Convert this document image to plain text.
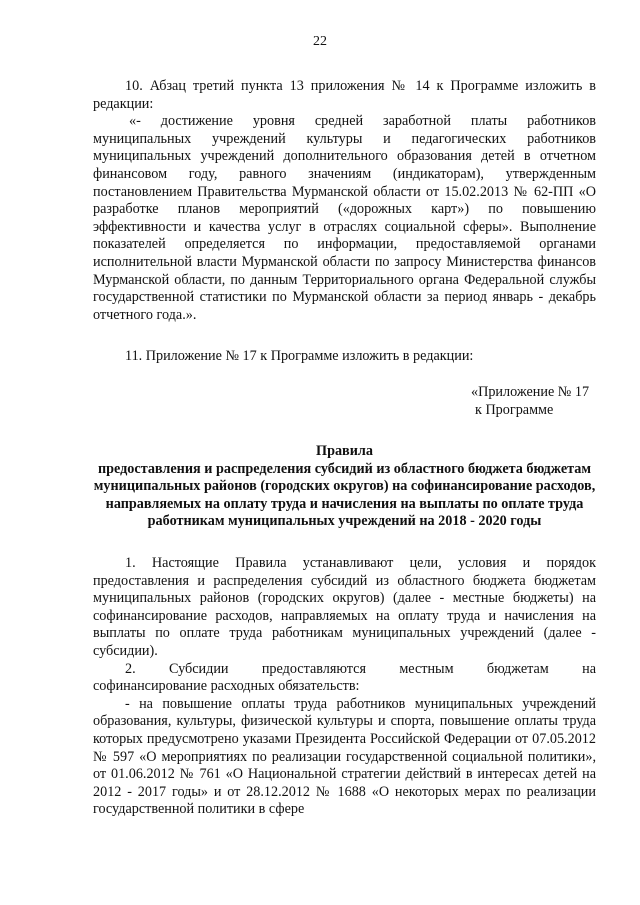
22

10. Абзац третий пункта 13 приложения № 14 к Программе изложить в редакции:

«- достижение уровня средней заработной платы работников муниципальных учреждений культуры и педагогических работников муниципальных учреждений дополнительного образования детей в отчетном финансовом году, равного значениям (индикаторам), утвержденным постановлением Правительства Мурманской области от 15.02.2013 № 62-ПП «О разработке планов мероприятий («дорожных карт») по повышению эффективности и качества услуг в отраслях социальной сферы». Выполнение показателей определяется по информации, предоставляемой органами исполнительной власти Мурманской области по запросу Министерства финансов Мурманской области, по данным Территориального органа Федеральной службы государственной статистики по Мурманской области за период январь - декабрь отчетного года.».

11. Приложение № 17 к Программе изложить в редакции:

«Приложение № 17
к Программе
Правила
предоставления и распределения субсидий из областного бюджета бюджетам муниципальных районов (городских округов) на софинансирование расходов, направляемых на оплату труда и начисления на выплаты по оплате труда работникам муниципальных учреждений на 2018 - 2020 годы

1. Настоящие Правила устанавливают цели, условия и порядок предоставления и распределения субсидий из областного бюджета бюджетам муниципальных районов (городских округов) (далее - местные бюджеты) на софинансирование расходов, направляемых на оплату труда и начисления на выплаты по оплате труда работникам муниципальных учреждений (далее - субсидии).

2. Субсидии предоставляются местным бюджетам на

софинансирование расходных обязательств:

- на повышение оплаты труда работников муниципальных учреждений образования, культуры, физической культуры и спорта, повышение оплаты труда которых предусмотрено указами Президента Российской Федерации от 07.05.2012 № 597 «О мероприятиях по реализации государственной социальной политики», от 01.06.2012 № 761 «О Национальной стратегии действий в интересах детей на 2012 - 2017 годы» и от 28.12.2012 № 1688 «О некоторых мерах по реализации государственной политики в сфере
